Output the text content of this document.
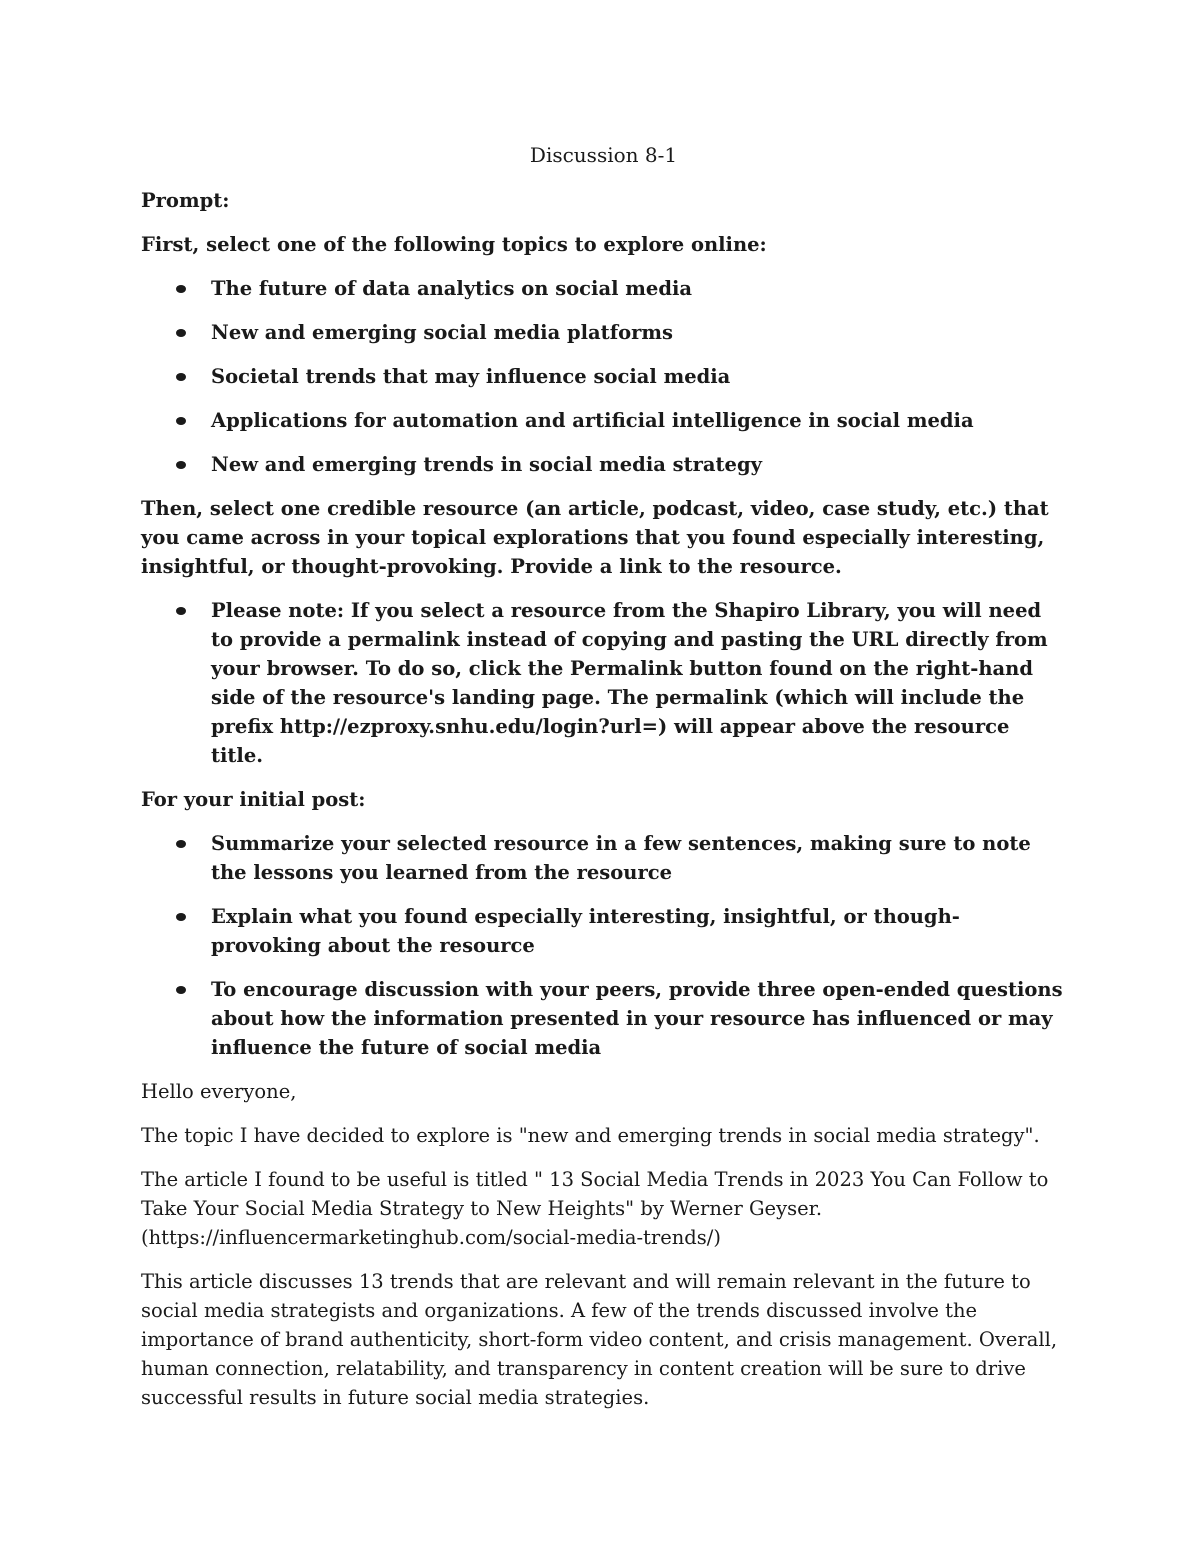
Discussion 8-1

Prompt:

First, select one of the following topics to explore online:

The future of data analytics on social media
New and emerging social media platforms
Societal trends that may influence social media
Applications for automation and artificial intelligence in social media
New and emerging trends in social media strategy

Then, select one credible resource (an article, podcast, video, case study, etc.) that you came across in your topical explorations that you found especially interesting, insightful, or thought-provoking. Provide a link to the resource.

Please note: If you select a resource from the Shapiro Library, you will need to provide a permalink instead of copying and pasting the URL directly from your browser. To do so, click the Permalink button found on the right-hand side of the resource's landing page. The permalink (which will include the prefix http://ezproxy.snhu.edu/login?url=) will appear above the resource title.

For your initial post:

Summarize your selected resource in a few sentences, making sure to note the lessons you learned from the resource
Explain what you found especially interesting, insightful, or though-provoking about the resource
To encourage discussion with your peers, provide three open-ended questions about how the information presented in your resource has influenced or may influence the future of social media

Hello everyone,

The topic I have decided to explore is "new and emerging trends in social media strategy".

The article I found to be useful is titled " 13 Social Media Trends in 2023 You Can Follow to Take Your Social Media Strategy to New Heights" by Werner Geyser. (https://influencermarketinghub.com/social-media-trends/)

This article discusses 13 trends that are relevant and will remain relevant in the future to social media strategists and organizations. A few of the trends discussed involve the importance of brand authenticity, short-form video content, and crisis management. Overall, human connection, relatability, and transparency in content creation will be sure to drive successful results in future social media strategies.
